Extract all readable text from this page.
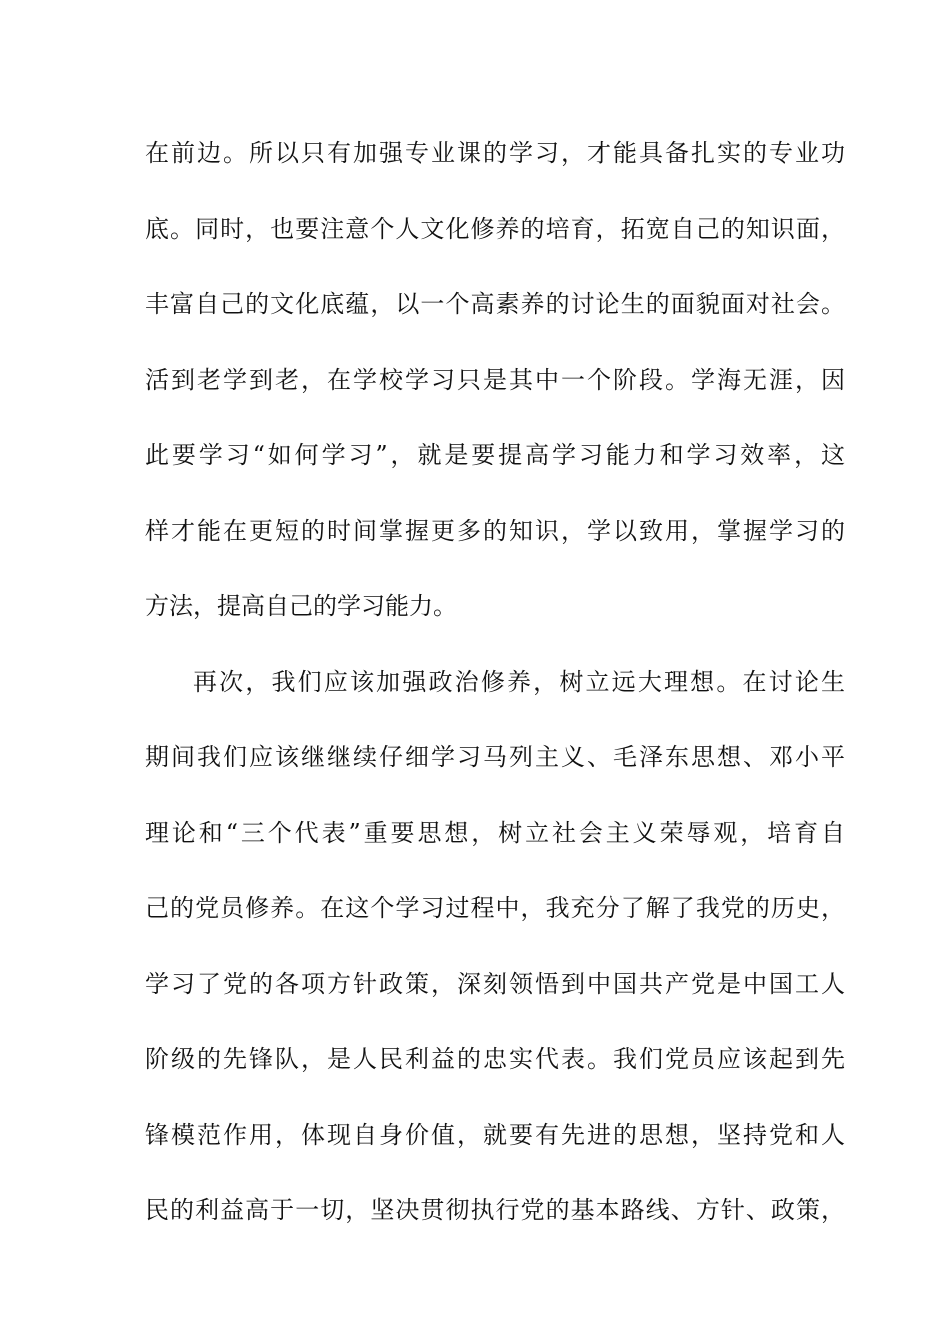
在前边。所以只有加强专业课的学习，才能具备扎实的专业功
底。同时，也要注意个人文化修养的培育，拓宽自己的知识面，
丰富自己的文化底蕴，以一个高素养的讨论生的面貌面对社会。
活到老学到老，在学校学习只是其中一个阶段。学海无涯，因
此要学习“如何学习”，就是要提高学习能力和学习效率，这
样才能在更短的时间掌握更多的知识，学以致用，掌握学习的
方法，提高自己的学习能力。
再次，我们应该加强政治修养，树立远大理想。在讨论生
期间我们应该继继续仔细学习马列主义、毛泽东思想、邓小平
理论和“三个代表”重要思想，树立社会主义荣辱观，培育自
己的党员修养。在这个学习过程中，我充分了解了我党的历史，
学习了党的各项方针政策，深刻领悟到中国共产党是中国工人
阶级的先锋队，是人民利益的忠实代表。我们党员应该起到先
锋模范作用，体现自身价值，就要有先进的思想，坚持党和人
民的利益高于一切，坚决贯彻执行党的基本路线、方针、政策，
